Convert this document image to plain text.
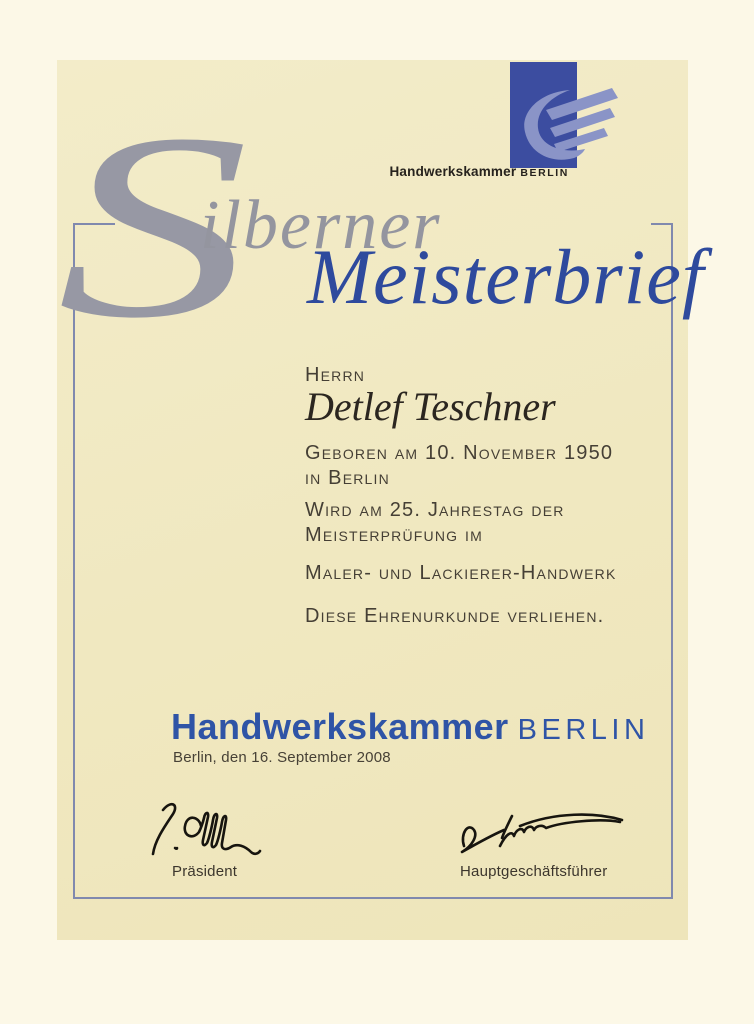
Handwerkskammer BERLIN
S
ilberner
Meisterbrief
Herrn
Detlef Teschner
Geboren am 10. November 1950
in Berlin
Wird am 25. Jahrestag der
Meisterprüfung im
Maler- und Lackierer-Handwerk
Diese Ehrenurkunde verliehen.
Handwerkskammer BERLIN
Berlin, den 16. September 2008
Präsident	Hauptgeschäftsführer
